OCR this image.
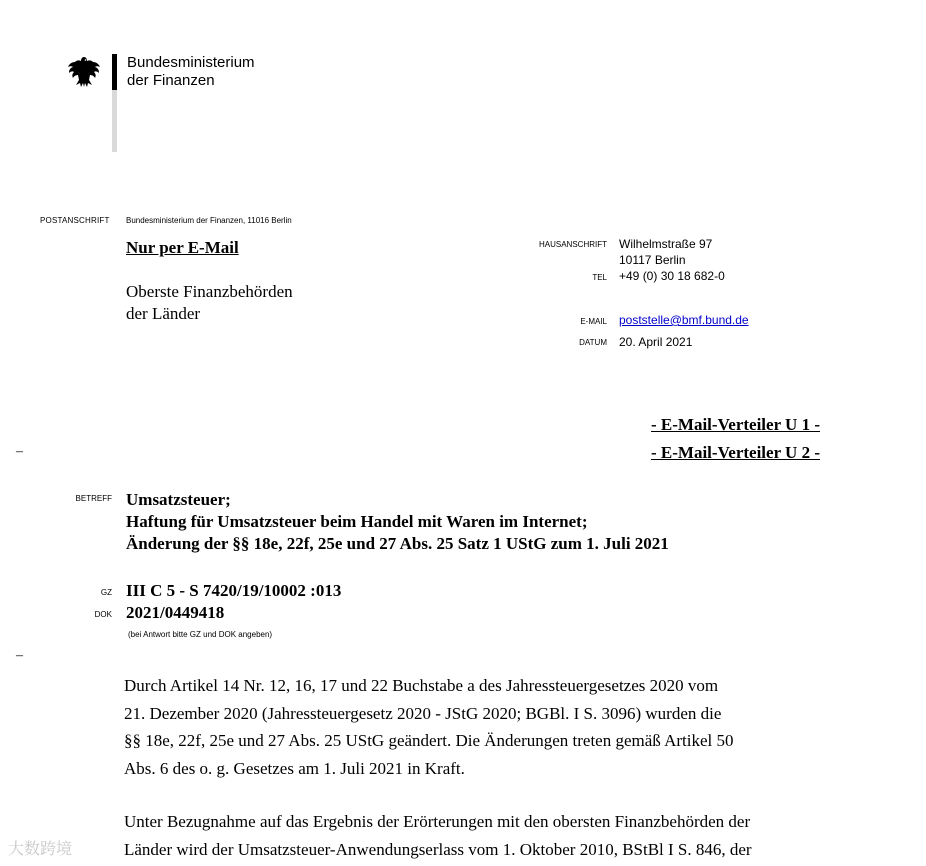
Bundesministerium
der Finanzen
POSTANSCHRIFT Bundesministerium der Finanzen, 11016 Berlin
Nur per E-Mail
Oberste Finanzbehörden
der Länder
HAUSANSCHRIFT Wilhelmstraße 97
10117 Berlin
TEL +49 (0) 30 18 682-0
E-MAIL poststelle@bmf.bund.de
DATUM 20. April 2021
- E-Mail-Verteiler U 1 -
- E-Mail-Verteiler U 2 -
–
BETREFF Umsatzsteuer;
Haftung für Umsatzsteuer beim Handel mit Waren im Internet;
Änderung der §§ 18e, 22f, 25e und 27 Abs. 25 Satz 1 UStG zum 1. Juli 2021
GZ III C 5 - S 7420/19/10002 :013
DOK 2021/0449418
(bei Antwort bitte GZ und DOK angeben)
–
Durch Artikel 14 Nr. 12, 16, 17 und 22 Buchstabe a des Jahressteuergesetzes 2020 vom
21. Dezember 2020 (Jahressteuergesetz 2020 - JStG 2020; BGBl. I S. 3096) wurden die
§§ 18e, 22f, 25e und 27 Abs. 25 UStG geändert. Die Änderungen treten gemäß Artikel 50
Abs. 6 des o. g. Gesetzes am 1. Juli 2021 in Kraft.
Unter Bezugnahme auf das Ergebnis der Erörterungen mit den obersten Finanzbehörden der
Länder wird der Umsatzsteuer-Anwendungserlass vom 1. Oktober 2010, BStBl I S. 846, der
大数跨境
